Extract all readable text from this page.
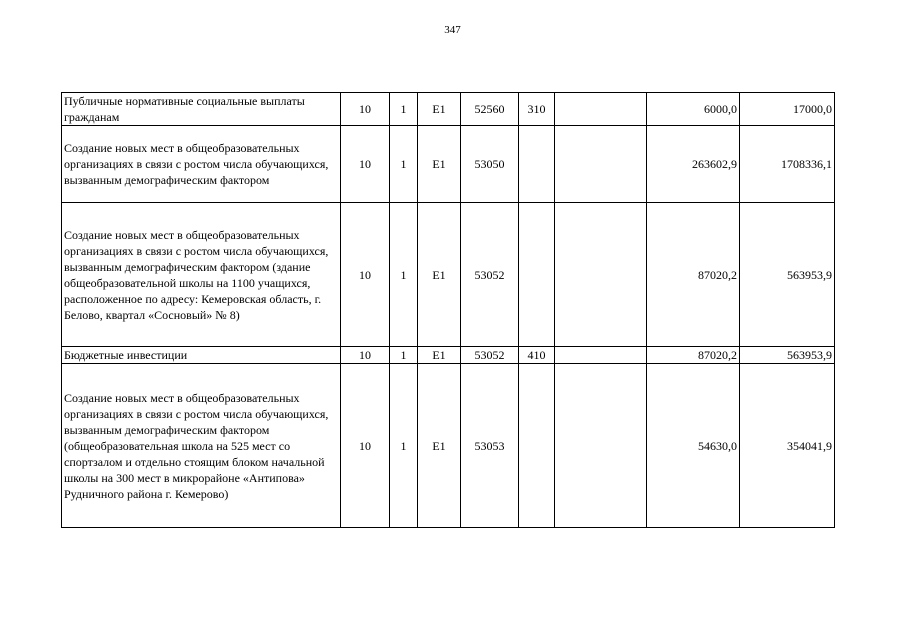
347
Публичные нормативные социальные выплаты гражданам	10	1	E1	52560	310		6000,0	17000,0
Создание новых мест в общеобразовательных организациях в связи с ростом числа обучающихся, вызванным демографическим фактором	10	1	E1	53050			263602,9	1708336,1
Создание новых мест в общеобразовательных организациях в связи с ростом числа обучающихся, вызванным демографическим фактором (здание общеобразовательной школы на 1100 учащихся, расположенное по адресу: Кемеровская область, г. Белово, квартал «Сосновый» № 8)	10	1	E1	53052			87020,2	563953,9
Бюджетные инвестиции	10	1	E1	53052	410		87020,2	563953,9
Создание новых мест в общеобразовательных организациях в связи с ростом числа обучающихся, вызванным демографическим фактором (общеобразовательная школа на 525 мест со спортзалом и отдельно стоящим блоком начальной школы на 300 мест в микрорайоне «Антипова» Рудничного района г. Кемерово)	10	1	E1	53053			54630,0	354041,9
